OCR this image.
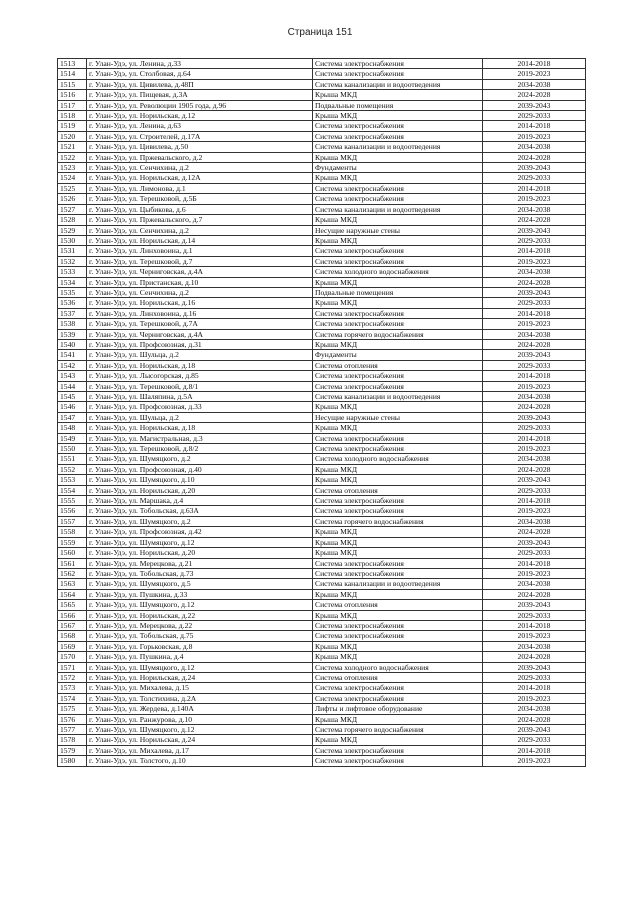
Страница 151
1513	г. Улан-Удэ, ул. Ленина, д.33	Система электроснабжения	2014-2018
1514	г. Улан-Удэ, ул. Столбовая, д.64	Система электроснабжения	2019-2023
1515	г. Улан-Удэ, ул. Цивилева, д.48П	Система канализации и водоотведения	2034-2038
1516	г. Улан-Удэ, ул. Пищевая, д.3А	Крыша МКД	2024-2028
1517	г. Улан-Удэ, ул. Революции 1905 года, д.96	Подвальные помещения	2039-2043
1518	г. Улан-Удэ, ул. Норильская, д.12	Крыша МКД	2029-2033
1519	г. Улан-Удэ, ул. Ленина, д.63	Система электроснабжения	2014-2018
1520	г. Улан-Удэ, ул. Строителей, д.17А	Система электроснабжения	2019-2023
1521	г. Улан-Удэ, ул. Цивилева, д.50	Система канализации и водоотведения	2034-2038
1522	г. Улан-Удэ, ул. Пржевальского, д.2	Крыша МКД	2024-2028
1523	г. Улан-Удэ, ул. Сенчихина, д.2	Фундаменты	2039-2043
1524	г. Улан-Удэ, ул. Норильская, д.12А	Крыша МКД	2029-2033
1525	г. Улан-Удэ, ул. Лимонова, д.1	Система электроснабжения	2014-2018
1526	г. Улан-Удэ, ул. Терешковой, д.5Б	Система электроснабжения	2019-2023
1527	г. Улан-Удэ, ул. Цыбикова, д.6	Система канализации и водоотведения	2034-2038
1528	г. Улан-Удэ, ул. Пржевальского, д.7	Крыша МКД	2024-2028
1529	г. Улан-Удэ, ул. Сенчихина, д.2	Несущие наружные стены	2039-2043
1530	г. Улан-Удэ, ул. Норильская, д.14	Крыша МКД	2029-2033
1531	г. Улан-Удэ, ул. Линховоина, д.1	Система электроснабжения	2014-2018
1532	г. Улан-Удэ, ул. Терешковой, д.7	Система электроснабжения	2019-2023
1533	г. Улан-Удэ, ул. Черниговская, д.4А	Система холодного водоснабжения	2034-2038
1534	г. Улан-Удэ, ул. Пристанская, д.10	Крыша МКД	2024-2028
1535	г. Улан-Удэ, ул. Сенчихина, д.2	Подвальные помещения	2039-2043
1536	г. Улан-Удэ, ул. Норильская, д.16	Крыша МКД	2029-2033
1537	г. Улан-Удэ, ул. Линховоина, д.16	Система электроснабжения	2014-2018
1538	г. Улан-Удэ, ул. Терешковой, д.7А	Система электроснабжения	2019-2023
1539	г. Улан-Удэ, ул. Черниговская, д.4А	Система горячего водоснабжения	2034-2038
1540	г. Улан-Удэ, ул. Профсоюзная, д.31	Крыша МКД	2024-2028
1541	г. Улан-Удэ, ул. Шульца, д.2	Фундаменты	2039-2043
1542	г. Улан-Удэ, ул. Норильская, д.18	Система отопления	2029-2033
1543	г. Улан-Удэ, ул. Лысогорская, д.85	Система электроснабжения	2014-2018
1544	г. Улан-Удэ, ул. Терешковой, д.8/1	Система электроснабжения	2019-2023
1545	г. Улан-Удэ, ул. Шаляпина, д.5А	Система канализации и водоотведения	2034-2038
1546	г. Улан-Удэ, ул. Профсоюзная, д.33	Крыша МКД	2024-2028
1547	г. Улан-Удэ, ул. Шульца, д.2	Несущие наружные стены	2039-2043
1548	г. Улан-Удэ, ул. Норильская, д.18	Крыша МКД	2029-2033
1549	г. Улан-Удэ, ул. Магистральная, д.3	Система электроснабжения	2014-2018
1550	г. Улан-Удэ, ул. Терешковой, д.8/2	Система электроснабжения	2019-2023
1551	г. Улан-Удэ, ул. Шумяцкого, д.2	Система холодного водоснабжения	2034-2038
1552	г. Улан-Удэ, ул. Профсоюзная, д.40	Крыша МКД	2024-2028
1553	г. Улан-Удэ, ул. Шумяцкого, д.10	Крыша МКД	2039-2043
1554	г. Улан-Удэ, ул. Норильская, д.20	Система отопления	2029-2033
1555	г. Улан-Удэ, ул. Маршака, д.4	Система электроснабжения	2014-2018
1556	г. Улан-Удэ, ул. Тобольская, д.63А	Система электроснабжения	2019-2023
1557	г. Улан-Удэ, ул. Шумяцкого, д.2	Система горячего водоснабжения	2034-2038
1558	г. Улан-Удэ, ул. Профсоюзная, д.42	Крыша МКД	2024-2028
1559	г. Улан-Удэ, ул. Шумяцкого, д.12	Крыша МКД	2039-2043
1560	г. Улан-Удэ, ул. Норильская, д.20	Крыша МКД	2029-2033
1561	г. Улан-Удэ, ул. Мерецкова, д.21	Система электроснабжения	2014-2018
1562	г. Улан-Удэ, ул. Тобольская, д.73	Система электроснабжения	2019-2023
1563	г. Улан-Удэ, ул. Шумяцкого, д.5	Система канализации и водоотведения	2034-2038
1564	г. Улан-Удэ, ул. Пушкина, д.33	Крыша МКД	2024-2028
1565	г. Улан-Удэ, ул. Шумяцкого, д.12	Система отопления	2039-2043
1566	г. Улан-Удэ, ул. Норильская, д.22	Крыша МКД	2029-2033
1567	г. Улан-Удэ, ул. Мерецкова, д.22	Система электроснабжения	2014-2018
1568	г. Улан-Удэ, ул. Тобольская, д.75	Система электроснабжения	2019-2023
1569	г. Улан-Удэ, ул. Горьковская, д.8	Крыша МКД	2034-2038
1570	г. Улан-Удэ, ул. Пушкина, д.4	Крыша МКД	2024-2028
1571	г. Улан-Удэ, ул. Шумяцкого, д.12	Система холодного водоснабжения	2039-2043
1572	г. Улан-Удэ, ул. Норильская, д.24	Система отопления	2029-2033
1573	г. Улан-Удэ, ул. Михалева, д.15	Система электроснабжения	2014-2018
1574	г. Улан-Удэ, ул. Толстихина, д.2А	Система электроснабжения	2019-2023
1575	г. Улан-Удэ, ул. Жердева, д.140А	Лифты и лифтовое оборудование	2034-2038
1576	г. Улан-Удэ, ул. Ранжурова, д.10	Крыша МКД	2024-2028
1577	г. Улан-Удэ, ул. Шумяцкого, д.12	Система горячего водоснабжения	2039-2043
1578	г. Улан-Удэ, ул. Норильская, д.24	Крыша МКД	2029-2033
1579	г. Улан-Удэ, ул. Михалева, д.17	Система электроснабжения	2014-2018
1580	г. Улан-Удэ, ул. Толстого, д.10	Система электроснабжения	2019-2023
